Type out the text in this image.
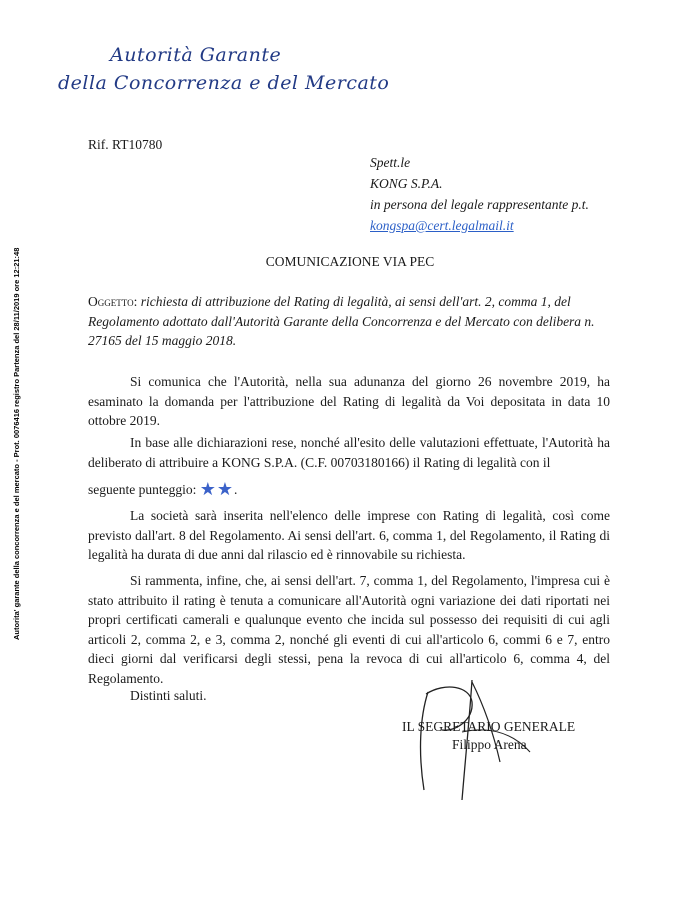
Autorita' garante della concorrenza e del mercato - Prot. 0076416 registro Partenza del 28/11/2019 ore 12:21:48
Autorità Garante
della Concorrenza e del Mercato
Rif. RT10780
Spett.le
KONG S.P.A.
in persona del legale rappresentante p.t.
kongspa@cert.legalmail.it
COMUNICAZIONE VIA PEC
Oggetto: richiesta di attribuzione del Rating di legalità, ai sensi dell'art. 2, comma 1, del Regolamento adottato dall'Autorità Garante della Concorrenza e del Mercato con delibera n. 27165 del 15 maggio 2018.
Si comunica che l'Autorità, nella sua adunanza del giorno 26 novembre 2019, ha esaminato la domanda per l'attribuzione del Rating di legalità da Voi depositata in data 10 ottobre 2019.
In base alle dichiarazioni rese, nonché all'esito delle valutazioni effettuate, l'Autorità ha deliberato di attribuire a KONG S.P.A. (C.F. 00703180166) il Rating di legalità con il
seguente punteggio: ★★.
La società sarà inserita nell'elenco delle imprese con Rating di legalità, così come previsto dall'art. 8 del Regolamento. Ai sensi dell'art. 6, comma 1, del Regolamento, il Rating di legalità ha durata di due anni dal rilascio ed è rinnovabile su richiesta.
Si rammenta, infine, che, ai sensi dell'art. 7, comma 1, del Regolamento, l'impresa cui è stato attribuito il rating è tenuta a comunicare all'Autorità ogni variazione dei dati riportati nei propri certificati camerali e qualunque evento che incida sul possesso dei requisiti di cui agli articoli 2, comma 2, e 3, comma 2, nonché gli eventi di cui all'articolo 6, commi 6 e 7, entro dieci giorni dal verificarsi degli stessi, pena la revoca di cui all'articolo 6, comma 4, del Regolamento.
Distinti saluti.
IL SEGRETARIO GENERALE
Filippo Arena
